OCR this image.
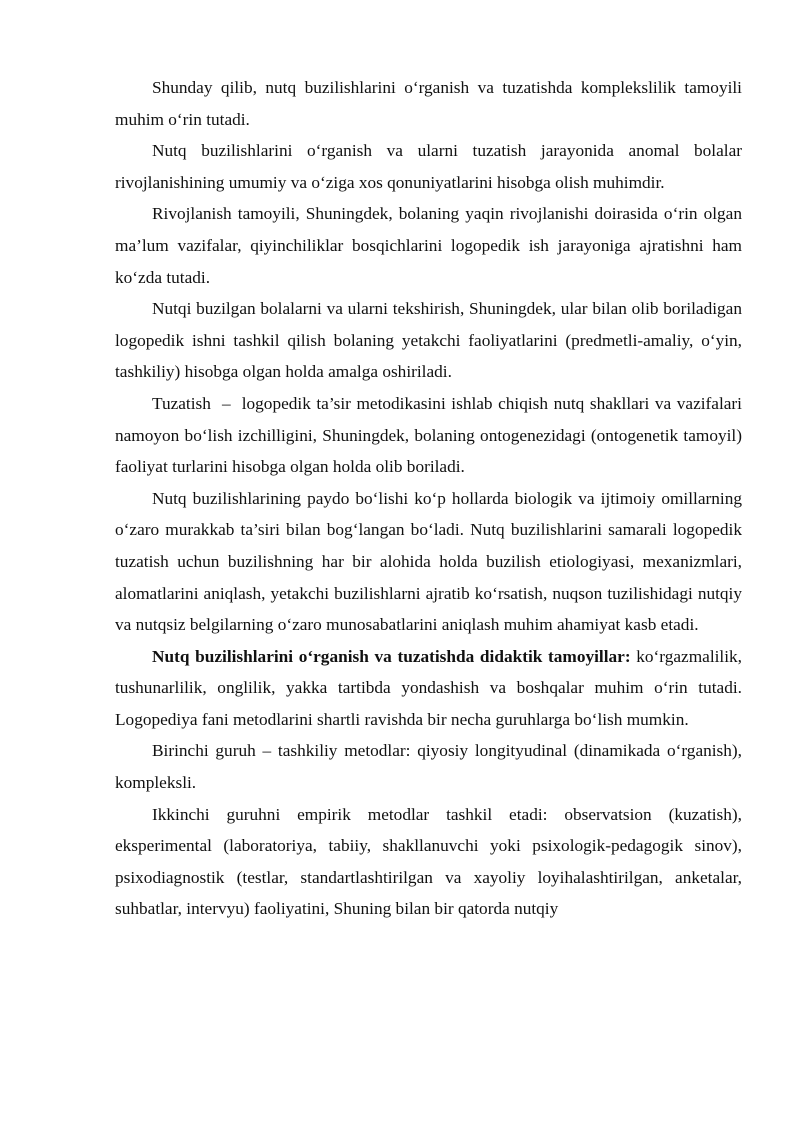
Shunday qilib, nutq buzilishlarini o‘rganish va tuzatishda komplekslilik tamoyili muhim o‘rin tutadi.

Nutq buzilishlarini o‘rganish va ularni tuzatish jarayonida anomal bolalar rivojlanishining umumiy va o‘ziga xos qonuniyatlarini hisobga olish muhimdir.

Rivojlanish tamoyili, Shuningdek, bolaning yaqin rivojlanishi doirasida o‘rin olgan ma’lum vazifalar, qiyinchiliklar bosqichlarini logopedik ish jarayoniga ajratishni ham ko‘zda tutadi.

Nutqi buzilgan bolalarni va ularni tekshirish, Shuningdek, ular bilan olib boriladigan logopedik ishni tashkil qilish bolaning yetakchi faoliyatlarini (predmetli-amaliy, o‘yin, tashkiliy) hisobga olgan holda amalga oshiriladi.

Tuzatish  –  logopedik ta’sir metodikasini ishlab chiqish nutq shakllari va vazifalari namoyon bo‘lish izchilligini, Shuningdek, bolaning ontogenezidagi (ontogenetik tamoyil) faoliyat turlarini hisobga olgan holda olib boriladi.

Nutq buzilishlarining paydo bo‘lishi ko‘p hollarda biologik va ijtimoiy omillarning o‘zaro murakkab ta’siri bilan bog‘langan bo‘ladi. Nutq buzilishlarini samarali logopedik tuzatish uchun buzilishning har bir alohida holda buzilish etiologiyasi, mexanizmlari, alomatlarini aniqlash, yetakchi buzilishlarni ajratib ko‘rsatish, nuqson tuzilishidagi nutqiy va nutqsiz belgilarning o‘zaro munosabatlarini aniqlash muhim ahamiyat kasb etadi.

Nutq buzilishlarini o‘rganish va tuzatishda didaktik tamoyillar: ko‘rgazmalilik, tushunarlilik, onglilik, yakka tartibda yondashish va boshqalar muhim o‘rin tutadi. Logopediya fani metodlarini shartli ravishda bir necha guruhlarga bo‘lish mumkin.

Birinchi guruh – tashkiliy metodlar: qiyosiy longityudinal (dinamikada o‘rganish), kompleksli.

Ikkinchi guruhni empirik metodlar tashkil etadi: observatsion (kuzatish), eksperimental (laboratoriya, tabiiy, shakllanuvchi yoki psixologik-pedagogik sinov), psixodiagnostik (testlar, standartlashtirilgan va xayoliy loyihalashtirilgan, anketalar, suhbatlar, intervyu) faoliyatini, Shuning bilan bir qatorda nutqiy
